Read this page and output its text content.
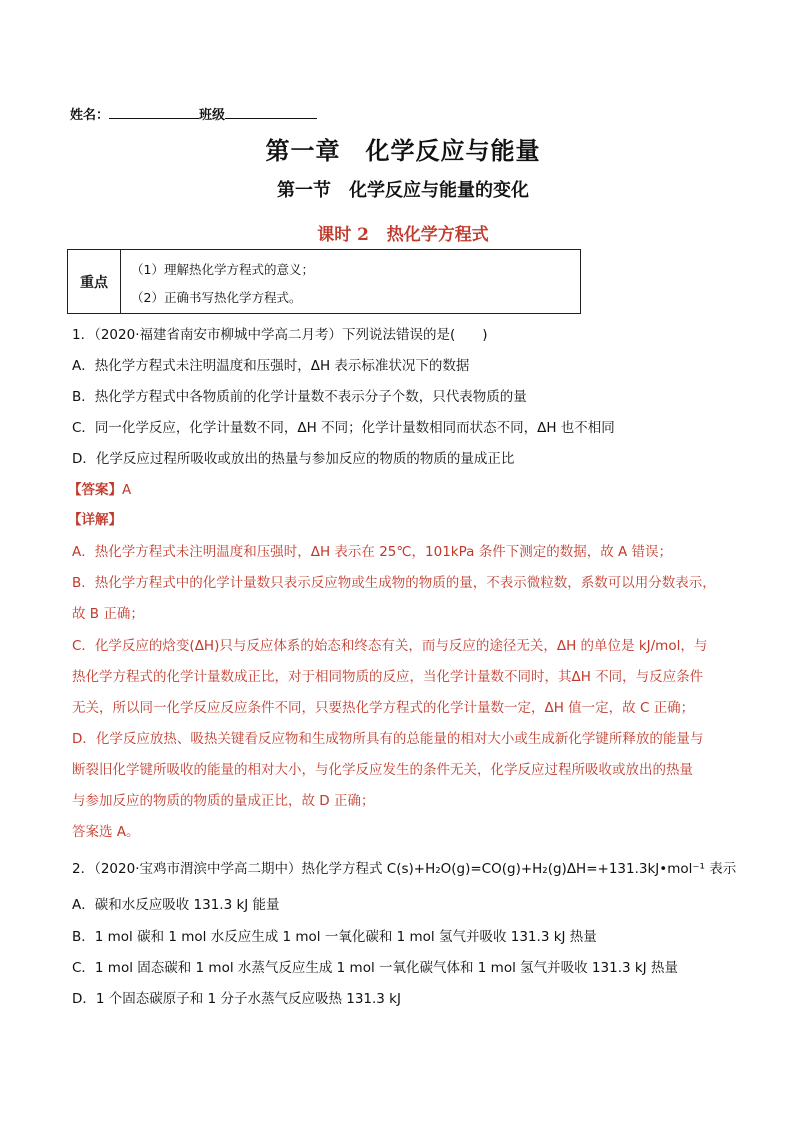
姓名：	班级
第一章　化学反应与能量
第一节　化学反应与能量的变化
课时 2 热化学方程式
重点
（1）理解热化学方程式的意义；
（2）正确书写热化学方程式。
1．（2020·福建省南安市柳城中学高二月考）下列说法错误的是(　　)
A．热化学方程式未注明温度和压强时，ΔH 表示标准状况下的数据
B．热化学方程式中各物质前的化学计量数不表示分子个数，只代表物质的量
C．同一化学反应，化学计量数不同，ΔH 不同；化学计量数相同而状态不同，ΔH 也不相同
D．化学反应过程所吸收或放出的热量与参加反应的物质的物质的量成正比
【答案】A
【详解】
A．热化学方程式未注明温度和压强时，ΔH 表示在 25℃，101kPa 条件下测定的数据，故 A 错误；
B．热化学方程式中的化学计量数只表示反应物或生成物的物质的量，不表示微粒数，系数可以用分数表示，
故 B 正确；
C．化学反应的焓变(ΔH)只与反应体系的始态和终态有关，而与反应的途径无关，ΔH 的单位是 kJ/mol，与
热化学方程式的化学计量数成正比，对于相同物质的反应，当化学计量数不同时，其ΔH 不同，与反应条件
无关，所以同一化学反应反应条件不同，只要热化学方程式的化学计量数一定，ΔH 值一定，故 C 正确；
D．化学反应放热、吸热关键看反应物和生成物所具有的总能量的相对大小或生成新化学键所释放的能量与
断裂旧化学键所吸收的能量的相对大小，与化学反应发生的条件无关，化学反应过程所吸收或放出的热量
与参加反应的物质的物质的量成正比，故 D 正确；
答案选 A。
2．（2020·宝鸡市渭滨中学高二期中）热化学方程式 C(s)+H₂O(g)=CO(g)+H₂(g)ΔH=+131.3kJ•mol⁻¹ 表示
A．碳和水反应吸收 131.3 kJ 能量
B．1 mol 碳和 1 mol 水反应生成 1 mol 一氧化碳和 1 mol 氢气并吸收 131.3 kJ 热量
C．1 mol 固态碳和 1 mol 水蒸气反应生成 1 mol 一氧化碳气体和 1 mol 氢气并吸收 131.3 kJ 热量
D．1 个固态碳原子和 1 分子水蒸气反应吸热 131.3 kJ
